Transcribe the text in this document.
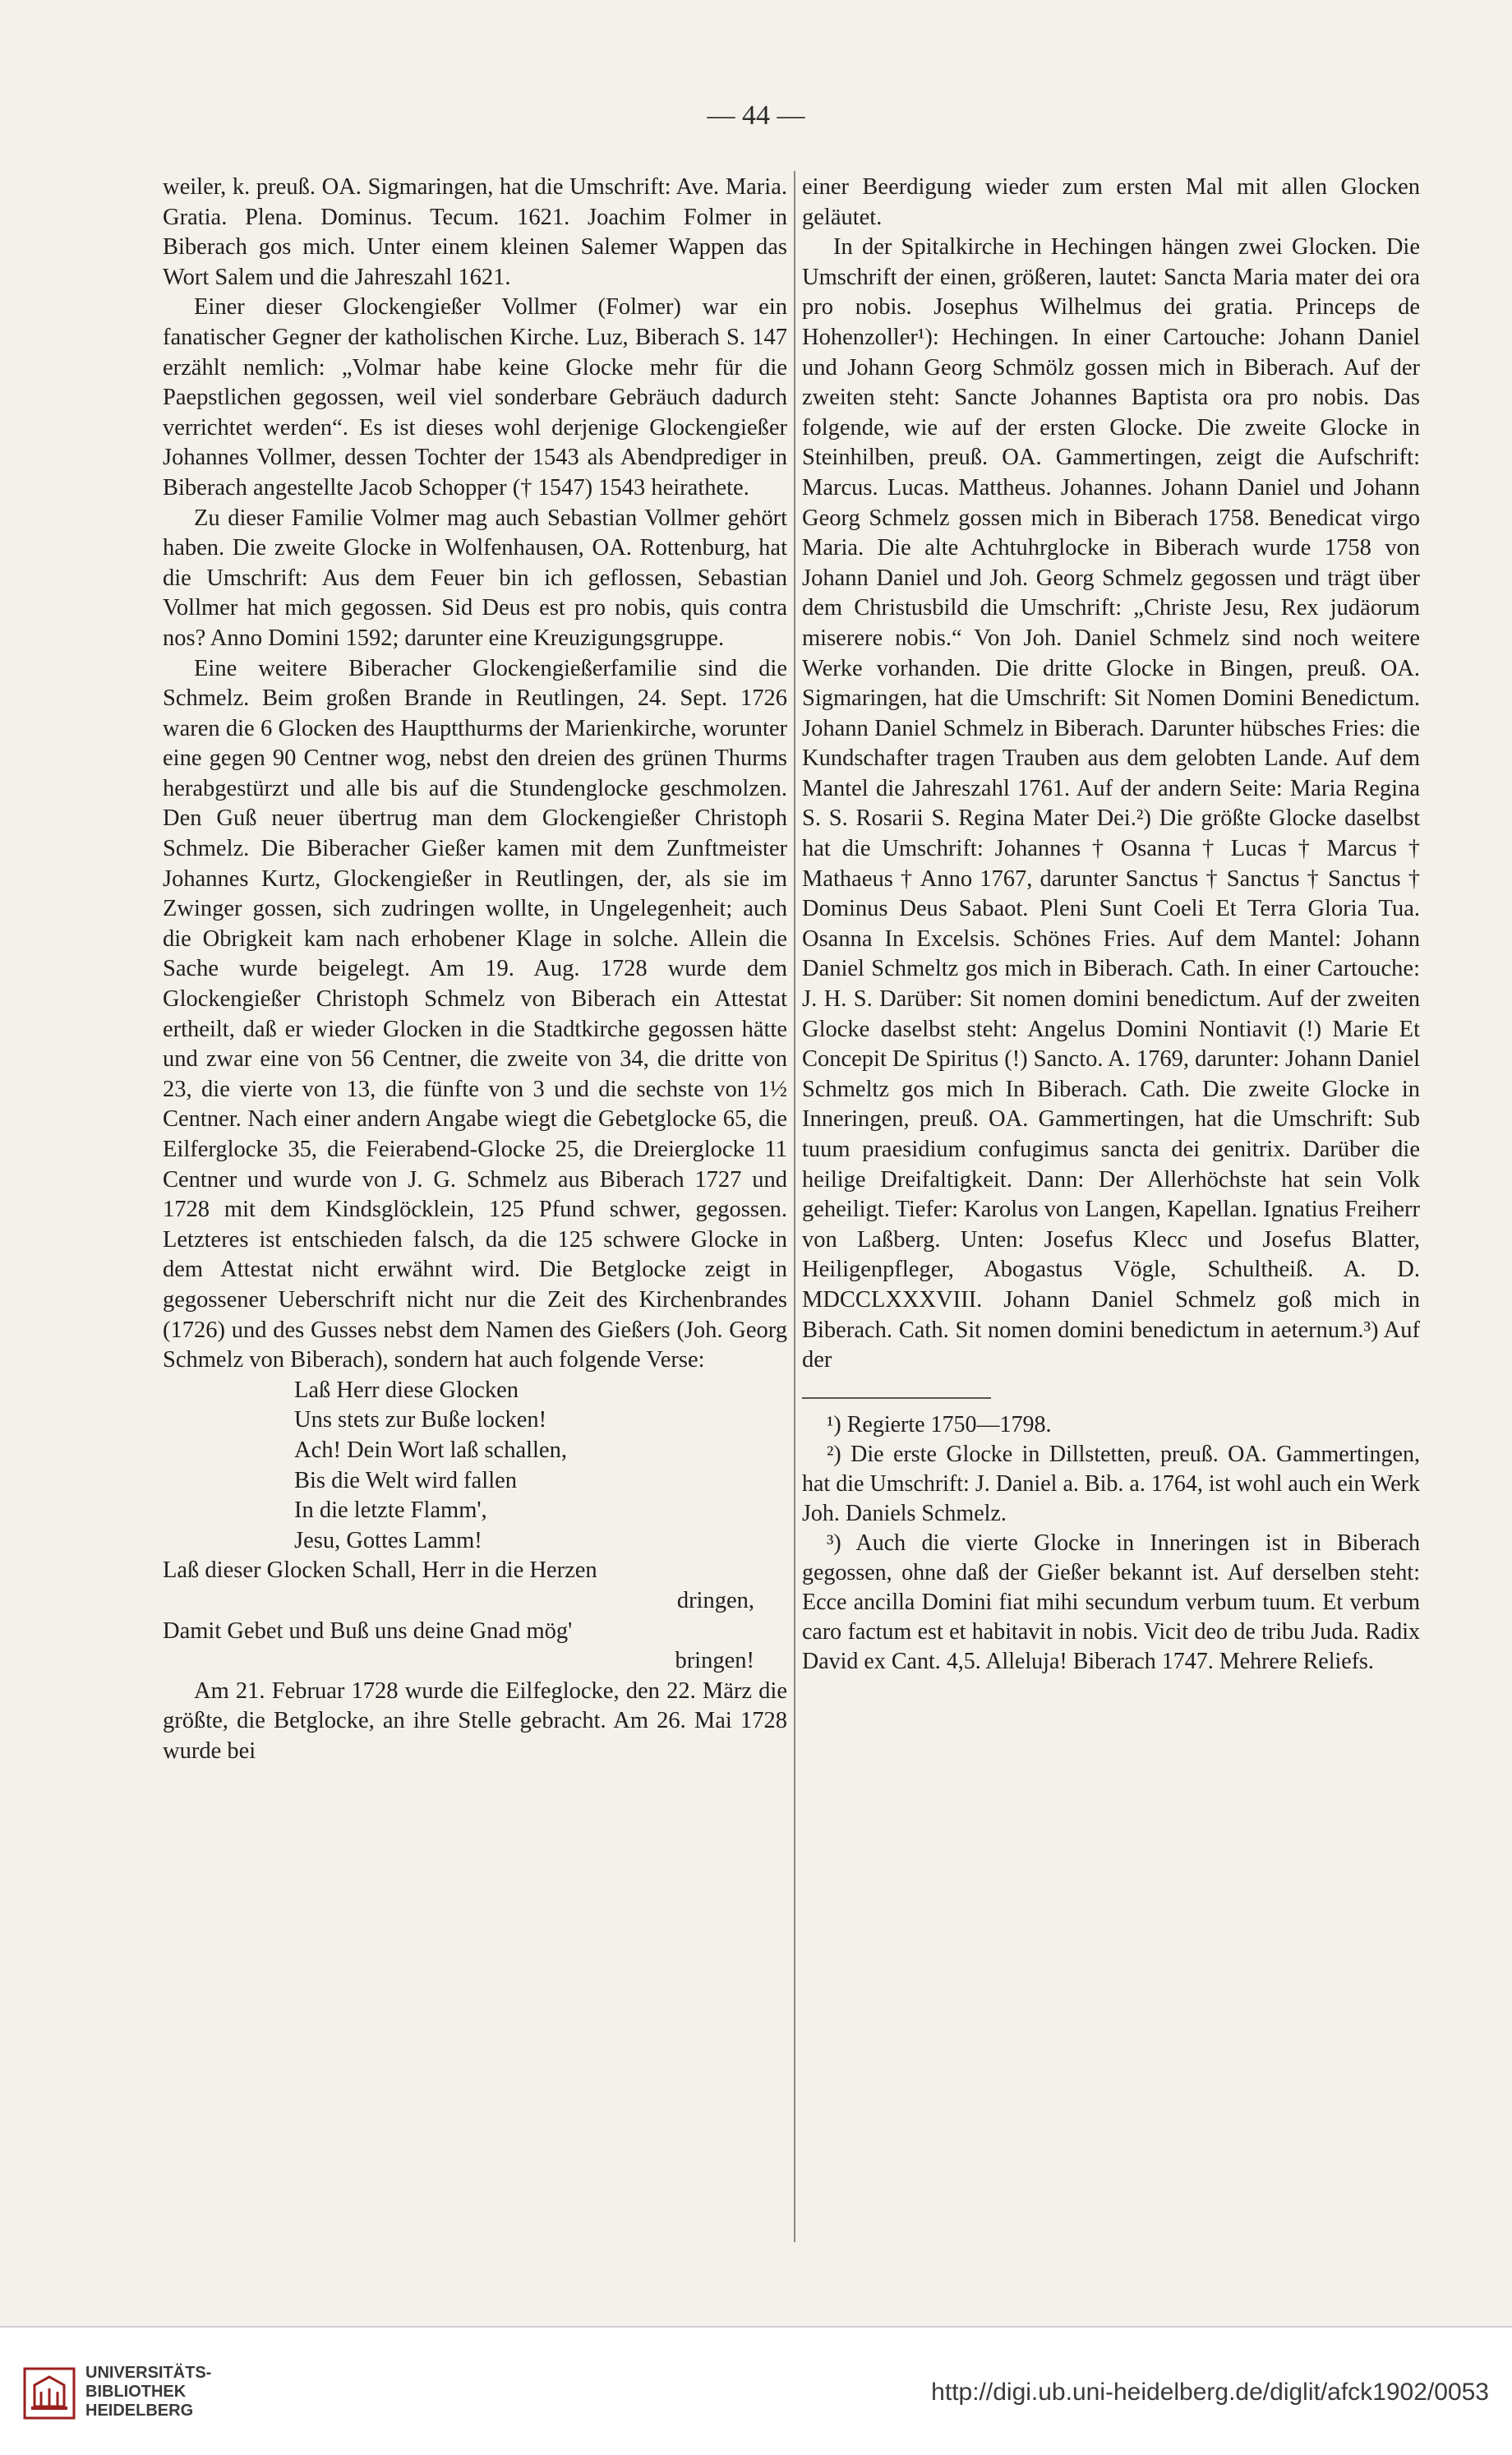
— 44 —

weiler, k. preuß. OA. Sigmaringen, hat die Umschrift: Ave. Maria. Gratia. Plena. Dominus. Tecum. 1621. Joachim Folmer in Biberach gos mich. Unter einem kleinen Salemer Wappen das Wort Salem und die Jahreszahl 1621.

Einer dieser Glockengießer Vollmer (Folmer) war ein fanatischer Gegner der katholischen Kirche. Luz, Biberach S. 147 erzählt nemlich: „Volmar habe keine Glocke mehr für die Paepstlichen gegossen, weil viel sonderbare Gebräuch dadurch verrichtet werden“. Es ist dieses wohl derjenige Glockengießer Johannes Vollmer, dessen Tochter der 1543 als Abendprediger in Biberach angestellte Jacob Schopper († 1547) 1543 heirathete.

Zu dieser Familie Volmer mag auch Sebastian Vollmer gehört haben. Die zweite Glocke in Wolfenhausen, OA. Rottenburg, hat die Umschrift: Aus dem Feuer bin ich geflossen, Sebastian Vollmer hat mich gegossen. Sid Deus est pro nobis, quis contra nos? Anno Domini 1592; darunter eine Kreuzigungsgruppe.

Eine weitere Biberacher Glockengießerfamilie sind die Schmelz. Beim großen Brande in Reutlingen, 24. Sept. 1726 waren die 6 Glocken des Hauptthurms der Marienkirche, worunter eine gegen 90 Centner wog, nebst den dreien des grünen Thurms herabgestürzt und alle bis auf die Stundenglocke geschmolzen. Den Guß neuer übertrug man dem Glockengießer Christoph Schmelz. Die Biberacher Gießer kamen mit dem Zunftmeister Johannes Kurtz, Glockengießer in Reutlingen, der, als sie im Zwinger gossen, sich zudringen wollte, in Ungelegenheit; auch die Obrigkeit kam nach erhobener Klage in solche. Allein die Sache wurde beigelegt. Am 19. Aug. 1728 wurde dem Glockengießer Christoph Schmelz von Biberach ein Attestat ertheilt, daß er wieder Glocken in die Stadtkirche gegossen hätte und zwar eine von 56 Centner, die zweite von 34, die dritte von 23, die vierte von 13, die fünfte von 3 und die sechste von 1½ Centner. Nach einer andern Angabe wiegt die Gebetglocke 65, die Eilferglocke 35, die Feierabend-Glocke 25, die Dreierglocke 11 Centner und wurde von J. G. Schmelz aus Biberach 1727 und 1728 mit dem Kindsglöcklein, 125 Pfund schwer, gegossen. Letzteres ist entschieden falsch, da die 125 schwere Glocke in dem Attestat nicht erwähnt wird. Die Betglocke zeigt in gegossener Ueberschrift nicht nur die Zeit des Kirchenbrandes (1726) und des Gusses nebst dem Namen des Gießers (Joh. Georg Schmelz von Biberach), sondern hat auch folgende Verse:

Laß Herr diese Glocken
Uns stets zur Buße locken!
Ach! Dein Wort laß schallen,
Bis die Welt wird fallen
In die letzte Flamm',
Jesu, Gottes Lamm!
Laß dieser Glocken Schall, Herr in die Herzen
dringen,
Damit Gebet und Buß uns deine Gnad mög'
bringen!

Am 21. Februar 1728 wurde die Eilfeglocke, den 22. März die größte, die Betglocke, an ihre Stelle gebracht. Am 26. Mai 1728 wurde bei

einer Beerdigung wieder zum ersten Mal mit allen Glocken geläutet.

In der Spitalkirche in Hechingen hängen zwei Glocken. Die Umschrift der einen, größeren, lautet: Sancta Maria mater dei ora pro nobis. Josephus Wilhelmus dei gratia. Princeps de Hohenzoller¹): Hechingen. In einer Cartouche: Johann Daniel und Johann Georg Schmölz gossen mich in Biberach. Auf der zweiten steht: Sancte Johannes Baptista ora pro nobis. Das folgende, wie auf der ersten Glocke. Die zweite Glocke in Steinhilben, preuß. OA. Gammertingen, zeigt die Aufschrift: Marcus. Lucas. Mattheus. Johannes. Johann Daniel und Johann Georg Schmelz gossen mich in Biberach 1758. Benedicat virgo Maria. Die alte Achtuhrglocke in Biberach wurde 1758 von Johann Daniel und Joh. Georg Schmelz gegossen und trägt über dem Christusbild die Umschrift: „Christe Jesu, Rex judäorum miserere nobis.“ Von Joh. Daniel Schmelz sind noch weitere Werke vorhanden. Die dritte Glocke in Bingen, preuß. OA. Sigmaringen, hat die Umschrift: Sit Nomen Domini Benedictum. Johann Daniel Schmelz in Biberach. Darunter hübsches Fries: die Kundschafter tragen Trauben aus dem gelobten Lande. Auf dem Mantel die Jahreszahl 1761. Auf der andern Seite: Maria Regina S. S. Rosarii S. Regina Mater Dei.²) Die größte Glocke daselbst hat die Umschrift: Johannes † Osanna † Lucas † Marcus † Mathaeus † Anno 1767, darunter Sanctus † Sanctus † Sanctus † Dominus Deus Sabaot. Pleni Sunt Coeli Et Terra Gloria Tua. Osanna In Excelsis. Schönes Fries. Auf dem Mantel: Johann Daniel Schmeltz gos mich in Biberach. Cath. In einer Cartouche: J. H. S. Darüber: Sit nomen domini benedictum. Auf der zweiten Glocke daselbst steht: Angelus Domini Nontiavit (!) Marie Et Concepit De Spiritus (!) Sancto. A. 1769, darunter: Johann Daniel Schmeltz gos mich In Biberach. Cath. Die zweite Glocke in Inneringen, preuß. OA. Gammertingen, hat die Umschrift: Sub tuum praesidium confugimus sancta dei genitrix. Darüber die heilige Dreifaltigkeit. Dann: Der Allerhöchste hat sein Volk geheiligt. Tiefer: Karolus von Langen, Kapellan. Ignatius Freiherr von Laßberg. Unten: Josefus Klecc und Josefus Blatter, Heiligenpfleger, Abogastus Vögle, Schultheiß. A. D. MDCCLXXXVIII. Johann Daniel Schmelz goß mich in Biberach. Cath. Sit nomen domini benedictum in aeternum.³) Auf der

¹) Regierte 1750—1798.

²) Die erste Glocke in Dillstetten, preuß. OA. Gammertingen, hat die Umschrift: J. Daniel a. Bib. a. 1764, ist wohl auch ein Werk Joh. Daniels Schmelz.

³) Auch die vierte Glocke in Inneringen ist in Biberach gegossen, ohne daß der Gießer bekannt ist. Auf derselben steht: Ecce ancilla Domini fiat mihi secundum verbum tuum. Et verbum caro factum est et habitavit in nobis. Vicit deo de tribu Juda. Radix David ex Cant. 4,5. Alleluja! Biberach 1747. Mehrere Reliefs.

UNIVERSITÄTS-
BIBLIOTHEK
HEIDELBERG
http://digi.ub.uni-heidelberg.de/diglit/afck1902/0053
